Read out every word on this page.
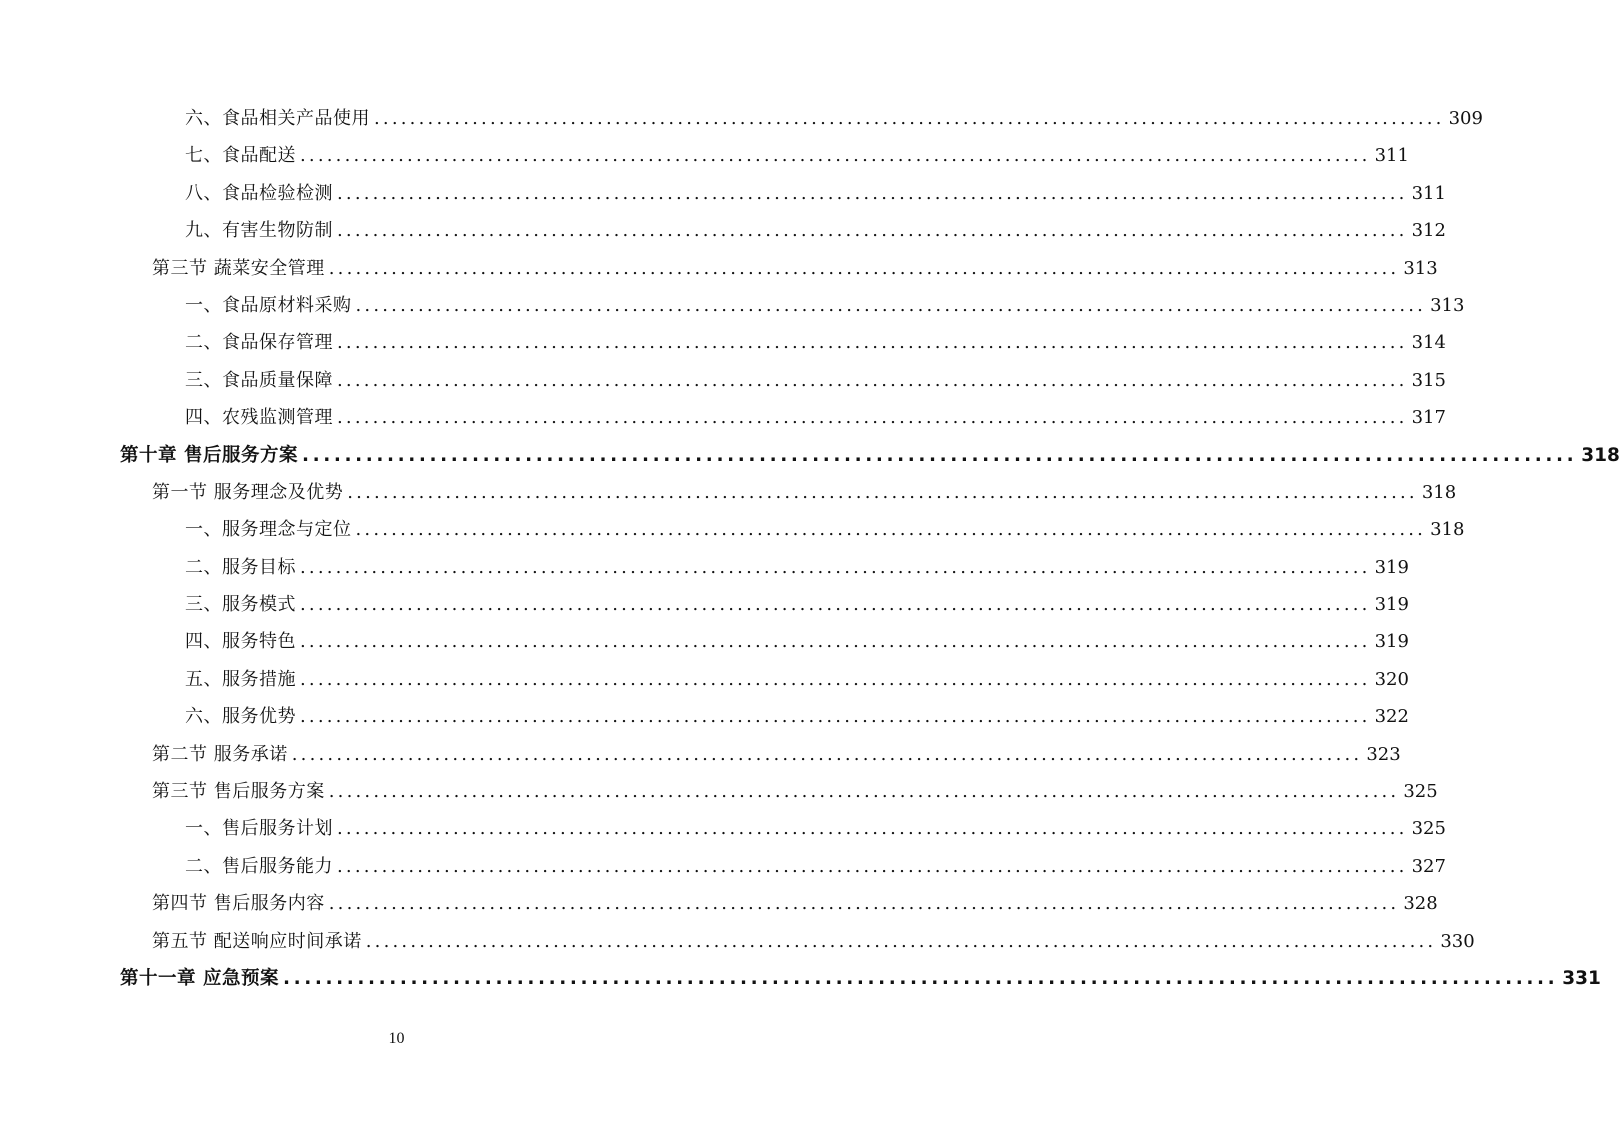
六、食品相关产品使用 ........................................................................................................................ 309
七、食品配送 ........................................................................................................................ 311
八、食品检验检测 ........................................................................................................................ 311
九、有害生物防制 ........................................................................................................................ 312
第三节 蔬菜安全管理 ........................................................................................................................ 313
一、食品原材料采购 ........................................................................................................................ 313
二、食品保存管理 ........................................................................................................................ 314
三、食品质量保障 ........................................................................................................................ 315
四、农残监测管理 ........................................................................................................................ 317
第十章 售后服务方案 ........................................................................................................................ 318
第一节 服务理念及优势 ........................................................................................................................ 318
一、服务理念与定位 ........................................................................................................................ 318
二、服务目标 ........................................................................................................................ 319
三、服务模式 ........................................................................................................................ 319
四、服务特色 ........................................................................................................................ 319
五、服务措施 ........................................................................................................................ 320
六、服务优势 ........................................................................................................................ 322
第二节 服务承诺 ........................................................................................................................ 323
第三节 售后服务方案 ........................................................................................................................ 325
一、售后服务计划 ........................................................................................................................ 325
二、售后服务能力 ........................................................................................................................ 327
第四节 售后服务内容 ........................................................................................................................ 328
第五节 配送响应时间承诺 ........................................................................................................................ 330
第十一章 应急预案 ........................................................................................................................ 331
10
